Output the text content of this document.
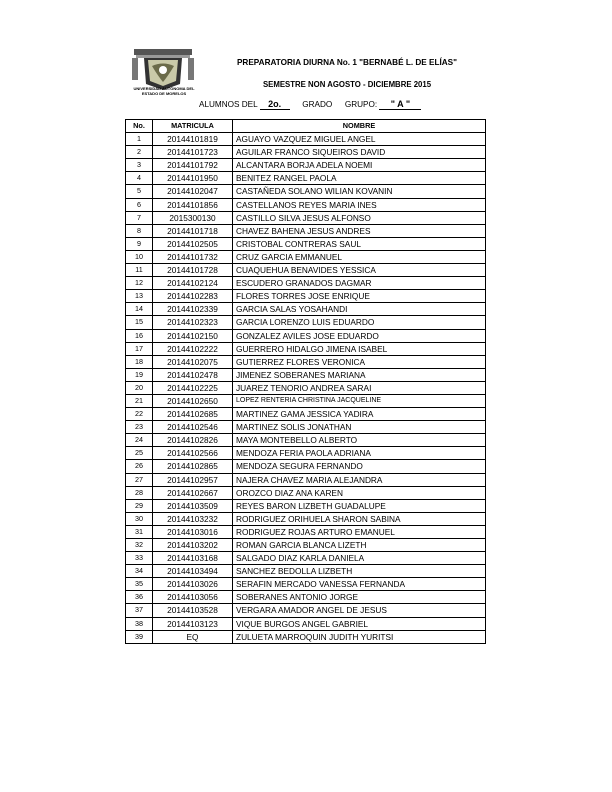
UNIVERSIDAD AUTÓNOMA DEL
ESTADO DE MORELOS
PREPARATORIA DIURNA No. 1 "BERNABÉ L. DE ELÍAS"
SEMESTRE NON AGOSTO - DICIEMBRE 2015
ALUMNOS DEL 2o.	GRADO GRUPO: " A "
No.	MATRICULA	NOMBRE
1	20144101819	AGUAYO VAZQUEZ MIGUEL ANGEL
2	20144101723	AGUILAR FRANCO SIQUEIROS DAVID
3	20144101792	ALCANTARA BORJA ADELA NOEMI
4	20144101950	BENITEZ RANGEL PAOLA
5	20144102047	CASTAÑEDA SOLANO WILIAN KOVANIN
6	20144101856	CASTELLANOS REYES MARIA INES
7	2015300130	CASTILLO SILVA JESUS ALFONSO
8	20144101718	CHAVEZ BAHENA JESUS ANDRES
9	20144102505	CRISTOBAL CONTRERAS SAUL
10	20144101732	CRUZ GARCIA EMMANUEL
11	20144101728	CUAQUEHUA BENAVIDES YESSICA
12	20144102124	ESCUDERO GRANADOS DAGMAR
13	20144102283	FLORES TORRES JOSE ENRIQUE
14	20144102339	GARCIA SALAS YOSAHANDI
15	20144102323	GARCIA LORENZO LUIS EDUARDO
16	20144102150	GONZALEZ AVILES JOSE EDUARDO
17	20144102222	GUERRERO HIDALGO JIMENA ISABEL
18	20144102075	GUTIERREZ FLORES VERONICA
19	20144102478	JIMENEZ SOBERANES MARIANA
20	20144102225	JUAREZ TENORIO ANDREA SARAI
21	20144102650	LOPEZ RENTERIA CHRISTINA JACQUELINE
22	20144102685	MARTINEZ GAMA JESSICA YADIRA
23	20144102546	MARTINEZ SOLIS JONATHAN
24	20144102826	MAYA MONTEBELLO ALBERTO
25	20144102566	MENDOZA FERIA PAOLA ADRIANA
26	20144102865	MENDOZA SEGURA FERNANDO
27	20144102957	NAJERA CHAVEZ MARIA ALEJANDRA
28	20144102667	OROZCO DIAZ ANA KAREN
29	20144103509	REYES BARON LIZBETH GUADALUPE
30	20144103232	RODRIGUEZ ORIHUELA SHARON SABINA
31	20144103016	RODRIGUEZ ROJAS ARTURO EMANUEL
32	20144103202	ROMAN GARCIA BLANCA LIZETH
33	20144103168	SALGADO DIAZ KARLA DANIELA
34	20144103494	SANCHEZ BEDOLLA LIZBETH
35	20144103026	SERAFIN MERCADO VANESSA FERNANDA
36	20144103056	SOBERANES ANTONIO JORGE
37	20144103528	VERGARA AMADOR ANGEL DE JESUS
38	20144103123	VIQUE BURGOS ANGEL GABRIEL
39	EQ	ZULUETA MARROQUIN JUDITH YURITSI
